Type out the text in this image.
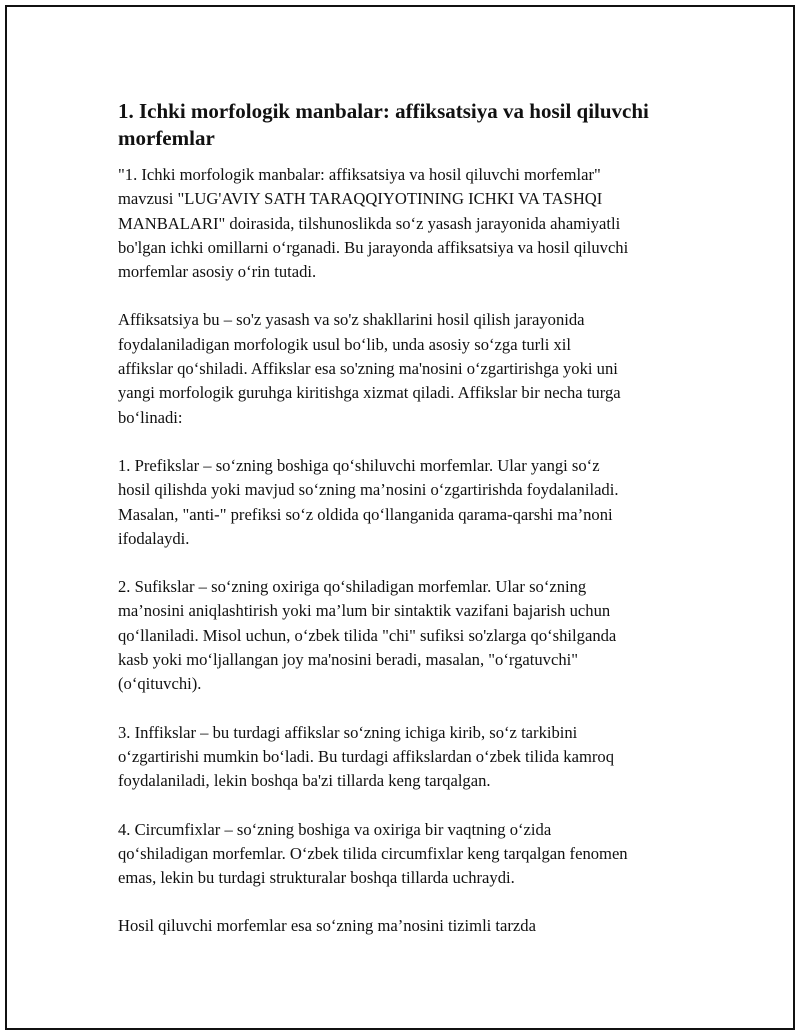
1. Ichki morfologik manbalar: affiksatsiya va hosil qiluvchi morfemlar

"1. Ichki morfologik manbalar: affiksatsiya va hosil qiluvchi morfemlar"
mavzusi "LUG'AVIY SATH TARAQQIYOTINING ICHKI VA TASHQI
MANBALARI" doirasida, tilshunoslikda so‘z yasash jarayonida ahamiyatli
bo'lgan ichki omillarni o‘rganadi. Bu jarayonda affiksatsiya va hosil qiluvchi
morfemlar asosiy o‘rin tutadi.

Affiksatsiya bu – so'z yasash va so'z shakllarini hosil qilish jarayonida
foydalaniladigan morfologik usul bo‘lib, unda asosiy so‘zga turli xil
affikslar qo‘shiladi. Affikslar esa so'zning ma'nosini o‘zgartirishga yoki uni
yangi morfologik guruhga kiritishga xizmat qiladi. Affikslar bir necha turga
bo‘linadi:

1. Prefikslar – so‘zning boshiga qo‘shiluvchi morfemlar. Ular yangi so‘z
hosil qilishda yoki mavjud so‘zning ma’nosini o‘zgartirishda foydalaniladi.
Masalan, "anti-" prefiksi so‘z oldida qo‘llanganida qarama-qarshi ma’noni
ifodalaydi.

2. Sufikslar – so‘zning oxiriga qo‘shiladigan morfemlar. Ular so‘zning
ma’nosini aniqlashtirish yoki ma’lum bir sintaktik vazifani bajarish uchun
qo‘llaniladi. Misol uchun, o‘zbek tilida "chi" sufiksi so'zlarga qo‘shilganda
kasb yoki mo‘ljallangan joy ma'nosini beradi, masalan, "o‘rgatuvchi"
(o‘qituvchi).

3. Inffikslar – bu turdagi affikslar so‘zning ichiga kirib, so‘z tarkibini
o‘zgartirishi mumkin bo‘ladi. Bu turdagi affikslardan o‘zbek tilida kamroq
foydalaniladi, lekin boshqa ba'zi tillarda keng tarqalgan.

4. Circumfixlar – so‘zning boshiga va oxiriga bir vaqtning o‘zida
qo‘shiladigan morfemlar. O‘zbek tilida circumfixlar keng tarqalgan fenomen
emas, lekin bu turdagi strukturalar boshqa tillarda uchraydi.

Hosil qiluvchi morfemlar esa so‘zning ma’nosini tizimli tarzda
